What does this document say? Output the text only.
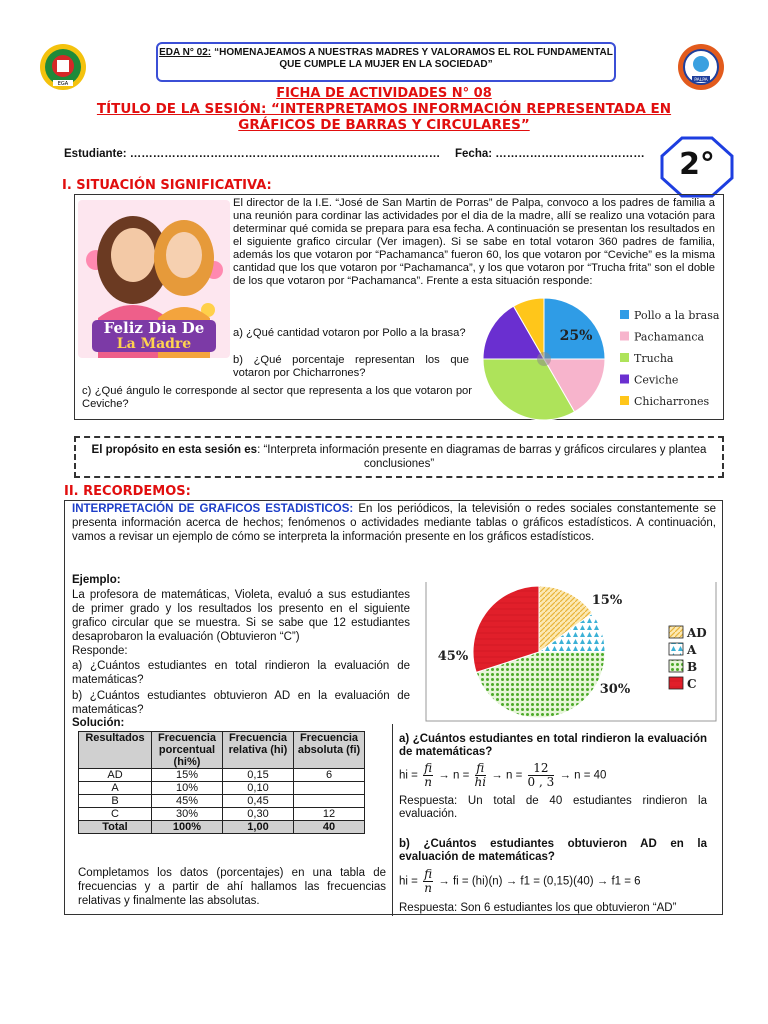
EGA
PALPA
EDA N° 02: “HOMENAJEAMOS A NUESTRAS MADRES Y VALORAMOS EL ROL FUNDAMENTAL QUE CUMPLE LA MUJER EN LA SOCIEDAD”
FICHA DE ACTIVIDADES N° 08
TÍTULO DE LA SESIÓN: “INTERPRETAMOS INFORMACIÓN REPRESENTADA EN GRÁFICOS DE BARRAS Y CIRCULARES”
Estudiante: ……………………………………………………………………… Fecha: …………………………………	2°
I. SITUACIÓN SIGNIFICATIVA:
Feliz Dia De
La Madre
El director de la I.E. “José de San Martin de Porras” de Palpa, convoco a los padres de familia a una reunión para cordinar las actividades por el dia de la madre, allí se realizo una votación para determinar qué comida se prepara para esa fecha. A continuación se presentan los resultados en el siguiente grafico circular (Ver imagen). Si se sabe en total votaron 360 padres de familia, además los que votaron por “Pachamanca” fueron 60, los que votaron por “Ceviche” es la misma cantidad que los que votaron por “Pachamanca”, y los que votaron por “Trucha frita” son el doble de los que votaron por “Pachamanca”. Frente a esta situación responde:
a) ¿Qué cantidad votaron por Pollo a la brasa?
b) ¿Qué porcentaje representan los que votaron por Chicharrones?
c) ¿Qué ángulo le corresponde al sector que representa a los que votaron por Ceviche?
25%
Pollo a la brasa
Pachamanca
Trucha
Ceviche
Chicharrones
El propósito en esta sesión es: “Interpreta información presente en diagramas de barras y gráficos circulares y plantea conclusiones”
II. RECORDEMOS:
INTERPRETACIÓN DE GRAFICOS ESTADISTICOS: En los periódicos, la televisión o redes sociales constantemente se presenta información acerca de hechos; fenómenos o actividades mediante tablas o gráficos estadísticos. A continuación, vamos a revisar un ejemplo de cómo se interpreta la información presente en los gráficos estadísticos.
Ejemplo:
La profesora de matemáticas, Violeta, evaluó a sus estudiantes de primer grado y los resultados los presento en el siguiente grafico circular que se muestra. Si se sabe que 12 estudiantes desaprobaron la evaluación (Obtuvieron “C”)
Responde:
a) ¿Cuántos estudiantes en total rindieron la evaluación de matemáticas?
b) ¿Cuántos estudiantes obtuvieron AD en la evaluación de matemáticas?
Solución:
15%
45%
30%
AD
A
B
C
Resultados	Frecuencia porcentual (hi%)	Frecuencia relativa (hi)	Frecuencia absoluta (fi)
AD	15%	0,15	6
A	10%	0,10	
B	45%	0,45	
C	30%	0,30	12
Total	100%	1,00	40
Completamos los datos (porcentajes) en una tabla de frecuencias y a partir de ahí hallamos las frecuencias relativas y finalmente las absolutas.
a) ¿Cuántos estudiantes en total rindieron la evaluación de matemáticas?
hi = $\frac{fi}{n} \to n = \frac{fi}{hi} \to n = \frac{12}{0 , 3} \to n = 40$
Respuesta: Un total de 40 estudiantes rindieron la evaluación.
b) ¿Cuántos estudiantes obtuvieron AD en la evaluación de matemáticas?
hi = $\frac{fi}{n}$ → fi = (hi)(n) → f1 = (0,15)(40) → f1 = 6
Respuesta: Son 6 estudiantes los que obtuvieron “AD”
